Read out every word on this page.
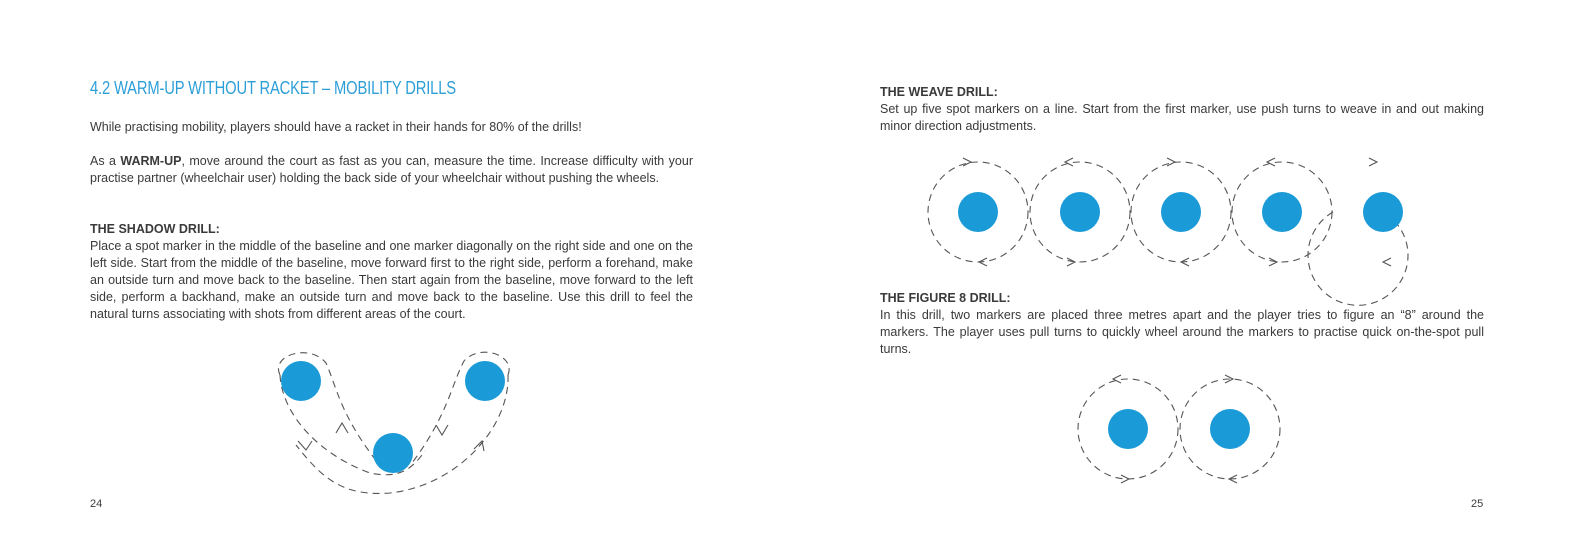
4.2 WARM-UP WITHOUT RACKET – MOBILITY DRILLS

While practising mobility, players should have a racket in their hands for 80% of the drills!

As a WARM-UP, move around the court as fast as you can, measure the time. Increase difficulty with your practise partner (wheelchair user) holding the back side of your wheelchair without pushing the wheels.

THE SHADOW DRILL:

Place a spot marker in the middle of the baseline and one marker diagonally on the right side and one on the left side. Start from the middle of the baseline, move forward first to the right side, perform a forehand, make an outside turn and move back to the baseline. Then start again from the baseline, move forward to the left side, perform a backhand, make an outside turn and move back to the baseline. Use this drill to feel the natural turns associating with shots from different areas of the court.

24

THE WEAVE DRILL:

Set up five spot markers on a line. Start from the first marker, use push turns to weave in and out making minor direction adjustments.

THE FIGURE 8 DRILL:

In this drill, two markers are placed three metres apart and the player tries to figure an “8” around the markers. The player uses pull turns to quickly wheel around the markers to practise quick on-the-spot pull turns.

25
